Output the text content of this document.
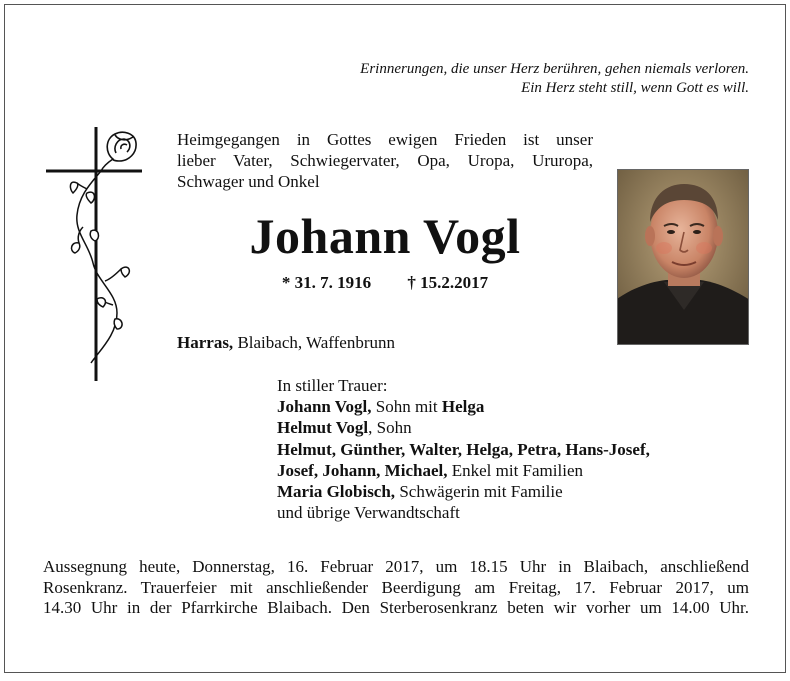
Erinnerungen, die unser Herz berühren, gehen niemals verloren.
Ein Herz steht still, wenn Gott es will.
Heimgegangen in Gottes ewigen Frieden ist unser
lieber Vater, Schwiegervater, Opa, Uropa, Ururopa,
Schwager und Onkel
Johann Vogl
* 31. 7. 1916 † 15.2.2017
Harras, Blaibach, Waffenbrunn
In stiller Trauer:
Johann Vogl, Sohn mit Helga
Helmut Vogl, Sohn
Helmut, Günther, Walter, Helga, Petra, Hans-Josef,
Josef, Johann, Michael, Enkel mit Familien
Maria Globisch, Schwägerin mit Familie
und übrige Verwandtschaft
Aussegnung heute, Donnerstag, 16. Februar 2017, um 18.15 Uhr in Blaibach, anschließend
Rosenkranz. Trauerfeier mit anschließender Beerdigung am Freitag, 17. Februar 2017, um
14.30 Uhr in der Pfarrkirche Blaibach. Den Sterberosenkranz beten wir vorher um 14.00 Uhr.
